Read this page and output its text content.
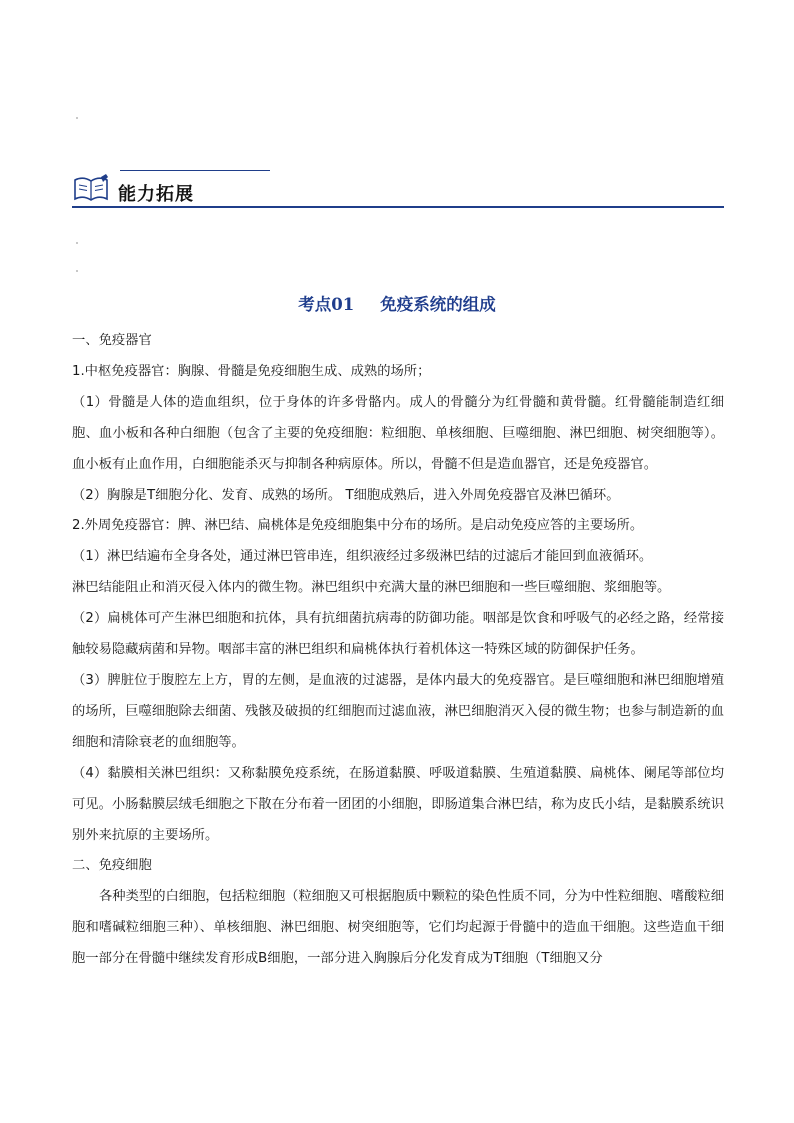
能力拓展
考点01 免疫系统的组成

一、免疫器官

1.中枢免疫器官：胸腺、骨髓是免疫细胞生成、成熟的场所；

（1）骨髓是人体的造血组织，位于身体的许多骨骼内。成人的骨髓分为红骨髓和黄骨髓。红骨髓能制造红细胞、血小板和各种白细胞（包含了主要的免疫细胞：粒细胞、单核细胞、巨噬细胞、淋巴细胞、树突细胞等）。血小板有止血作用，白细胞能杀灭与抑制各种病原体。所以，骨髓不但是造血器官，还是免疫器官。

（2）胸腺是T细胞分化、发育、成熟的场所。 T细胞成熟后，进入外周免疫器官及淋巴循环。

2.外周免疫器官：脾、淋巴结、扁桃体是免疫细胞集中分布的场所。是启动免疫应答的主要场所。

（1）淋巴结遍布全身各处，通过淋巴管串连，组织液经过多级淋巴结的过滤后才能回到血液循环。

淋巴结能阻止和消灭侵入体内的微生物。淋巴组织中充满大量的淋巴细胞和一些巨噬细胞、浆细胞等。

（2）扁桃体可产生淋巴细胞和抗体，具有抗细菌抗病毒的防御功能。咽部是饮食和呼吸气的必经之路，经常接触较易隐藏病菌和异物。咽部丰富的淋巴组织和扁桃体执行着机体这一特殊区域的防御保护任务。

（3）脾脏位于腹腔左上方，胃的左侧，是血液的过滤器，是体内最大的免疫器官。是巨噬细胞和淋巴细胞增殖的场所，巨噬细胞除去细菌、残骸及破损的红细胞而过滤血液，淋巴细胞消灭入侵的微生物；也参与制造新的血细胞和清除衰老的血细胞等。

（4）黏膜相关淋巴组织：又称黏膜免疫系统，在肠道黏膜、呼吸道黏膜、生殖道黏膜、扁桃体、阑尾等部位均可见。小肠黏膜层绒毛细胞之下散在分布着一团团的小细胞，即肠道集合淋巴结，称为皮氏小结，是黏膜系统识别外来抗原的主要场所。

二、免疫细胞

各种类型的白细胞，包括粒细胞（粒细胞又可根据胞质中颗粒的染色性质不同，分为中性粒细胞、嗜酸粒细胞和嗜碱粒细胞三种）、单核细胞、淋巴细胞、树突细胞等，它们均起源于骨髓中的造血干细胞。这些造血干细胞一部分在骨髓中继续发育形成B细胞，一部分进入胸腺后分化发育成为T细胞（T细胞又分
